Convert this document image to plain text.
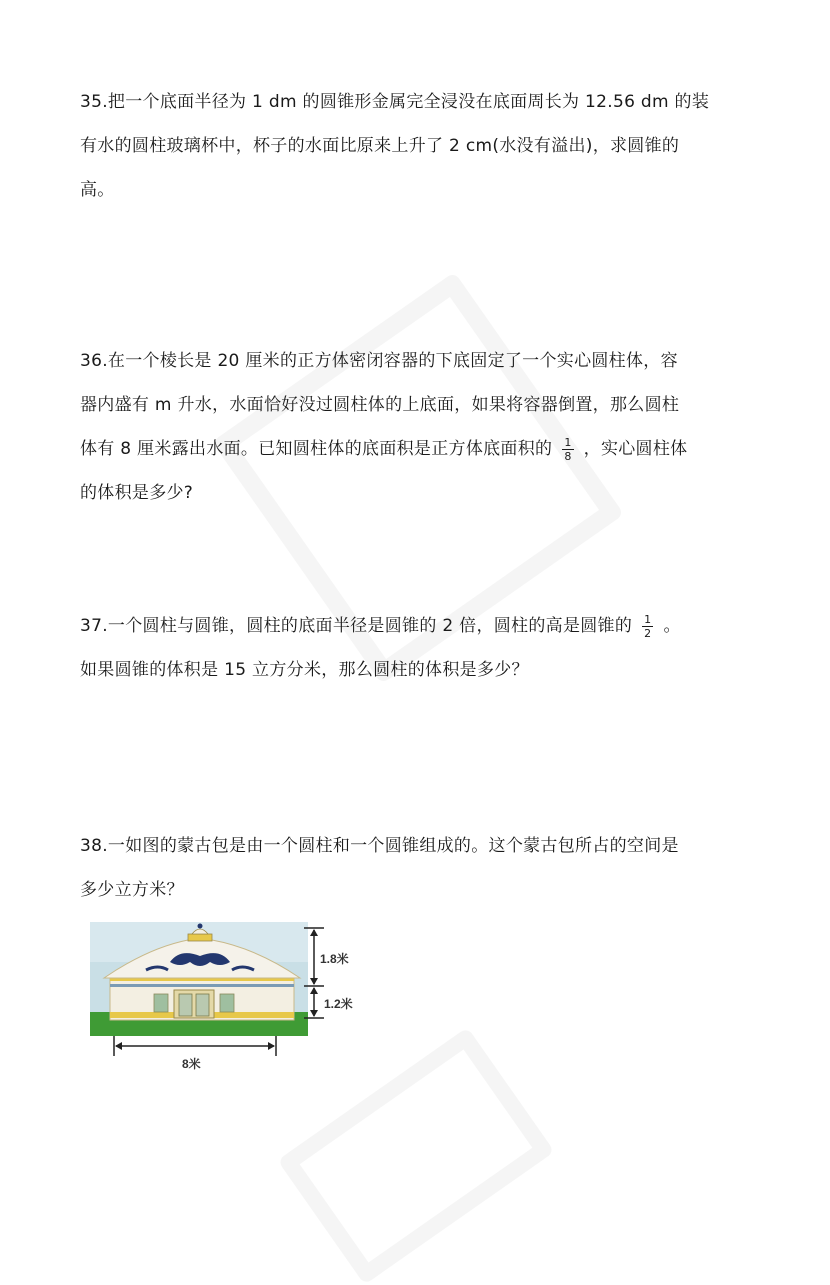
35.把一个底面半径为 1 dm 的圆锥形金属完全浸没在底面周长为 12.56 dm 的装
有水的圆柱玻璃杯中，杯子的水面比原来上升了 2 cm(水没有溢出)，求圆锥的
高。
36.在一个棱长是 20 厘米的正方体密闭容器的下底固定了一个实心圆柱体，容
器内盛有 m 升水，水面恰好没过圆柱体的上底面，如果将容器倒置，那么圆柱
体有 8 厘米露出水面。已知圆柱体的底面积是正方体底面积的 $\frac{1}{8}$ ，实心圆柱体
的体积是多少?
37.一个圆柱与圆锥，圆柱的底面半径是圆锥的 2 倍，圆柱的高是圆锥的 $\frac{1}{2}$ 。
如果圆锥的体积是 15 立方分米，那么圆柱的体积是多少？
38.一如图的蒙古包是由一个圆柱和一个圆锥组成的。这个蒙古包所占的空间是
多少立方米？
1.8米
1.2米
8米
